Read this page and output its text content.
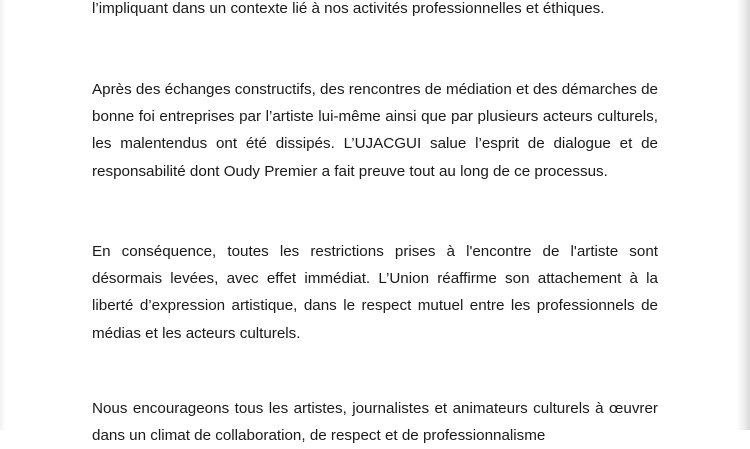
l’impliquant dans un contexte lié à nos activités professionnelles et éthiques.

Après des échanges constructifs, des rencontres de médiation et des démarches de bonne foi entreprises par l’artiste lui-même ainsi que par plusieurs acteurs culturels, les malentendus ont été dissipés. L’UJACGUI salue l’esprit de dialogue et de responsabilité dont Oudy Premier a fait preuve tout au long de ce processus.

En conséquence, toutes les restrictions prises à l'encontre de l'artiste sont désormais levées, avec effet immédiat. L’Union réaffirme son attachement à la liberté d’expression artistique, dans le respect mutuel entre les professionnels de médias et les acteurs culturels.

Nous encourageons tous les artistes, journalistes et animateurs culturels à œuvrer dans un climat de collaboration, de respect et de professionnalisme
